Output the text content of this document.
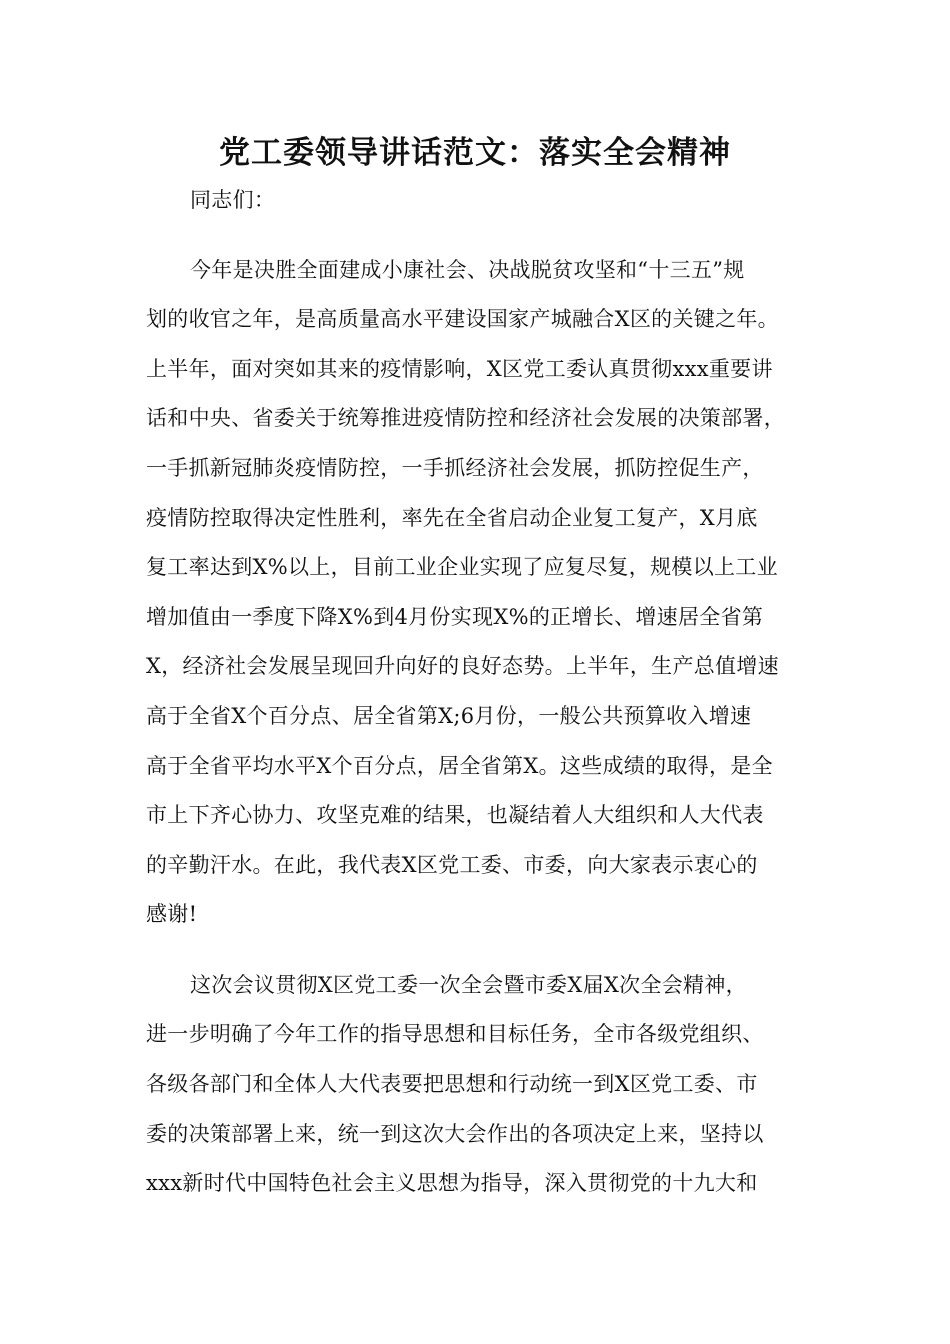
党工委领导讲话范文：落实全会精神
同志们：
今年是决胜全面建成小康社会、决战脱贫攻坚和“十三五”规
划的收官之年，是高质量高水平建设国家产城融合X区的关键之年。
上半年，面对突如其来的疫情影响，X区党工委认真贯彻xxx重要讲
话和中央、省委关于统筹推进疫情防控和经济社会发展的决策部署，
一手抓新冠肺炎疫情防控，一手抓经济社会发展，抓防控促生产，
疫情防控取得决定性胜利，率先在全省启动企业复工复产，X月底
复工率达到X%以上，目前工业企业实现了应复尽复，规模以上工业
增加值由一季度下降X%到4月份实现X%的正增长、增速居全省第
X，经济社会发展呈现回升向好的良好态势。上半年，生产总值增速
高于全省X个百分点、居全省第X;6月份，一般公共预算收入增速
高于全省平均水平X个百分点，居全省第X。这些成绩的取得，是全
市上下齐心协力、攻坚克难的结果，也凝结着人大组织和人大代表
的辛勤汗水。在此，我代表X区党工委、市委，向大家表示衷心的
感谢!
这次会议贯彻X区党工委一次全会暨市委X届X次全会精神，
进一步明确了今年工作的指导思想和目标任务，全市各级党组织、
各级各部门和全体人大代表要把思想和行动统一到X区党工委、市
委的决策部署上来，统一到这次大会作出的各项决定上来，坚持以
xxx新时代中国特色社会主义思想为指导，深入贯彻党的十九大和
